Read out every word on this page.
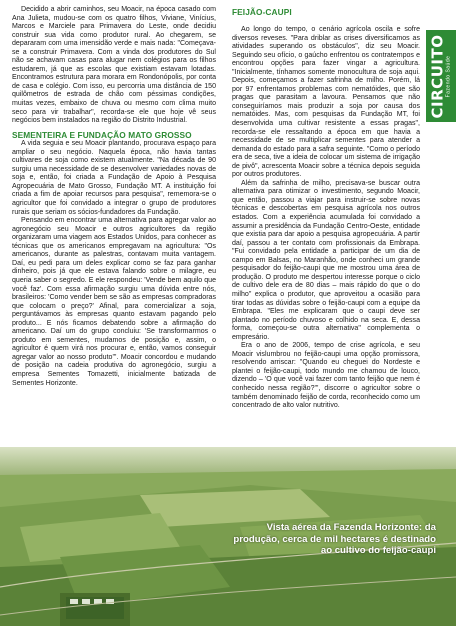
CIRCUITO Fazendo Saúde

Decidido a abrir caminhos, seu Moacir, na época casado com Ana Julieta, mudou-se com os quatro filhos, Viviane, Vinícius, Marcos e Marciele para Primavera do Leste, onde decidiu construir sua vida como produtor rural. Ao chegarem, se depararam com uma imensidão verde e mais nada: "Começava-se a construir Primavera. Com a vinda dos produtores do Sul não se achavam casas para alugar nem colégios para os filhos estudarem, já que as escolas que existiam estavam lotadas. Encontramos estrutura para morara em Rondonópolis, por conta de casa e colégio. Com isso, eu percorria uma distância de 150 quilômetros de estrada de chão com péssimas condições, muitas vezes, embaixo de chuva ou mesmo com clima muito seco para vir trabalhar", recorda-se ele que hoje vê seus negócios bem instalados na região do Distrito Industrial.

SEMENTEIRA E FUNDAÇÃO MATO GROSSO

A vida seguia e seu Moacir plantando, procurava espaço para ampliar o seu negócio. Naquela época, não havia tantas cultivares de soja como existem atualmente. "Na década de 90 surgiu uma necessidade de se desenvolver variedades novas de soja e, então, foi criada a Fundação de Apoio à Pesquisa Agropecuária de Mato Grosso, Fundação MT. A instituição foi criada a fim de apoiar recursos para pesquisa", rememora-se o agricultor que foi convidado a integrar o grupo de produtores rurais que seriam os sócios-fundadores da Fundação.

Pensando em encontrar uma alternativa para agregar valor ao agronegócio seu Moacir e outros agricultores da região organizaram uma viagem aos Estados Unidos, para conhecer as técnicas que os americanos empregavam na agricultura: "Os americanos, durante as palestras, contavam muita vantagem. Daí, eu pedi para um deles explicar como se faz para ganhar dinheiro, pois já que ele estava falando sobre o milagre, eu queria saber o segredo. E ele respondeu: 'Vende bem aquilo que você faz'. Com essa afirmação surgiu uma dúvida entre nós, brasileiros: 'Como vender bem se são as empresas compradoras que colocam o preço?' Afinal, para comercializar a soja, perguntávamos às empresas quanto estavam pagando pelo produto... E nós ficamos debatendo sobre a afirmação do americano. Daí um do grupo concluiu: 'Se transformarmos o produto em sementes, mudamos de posição e, assim, o agricultor é quem virá nos procurar e, então, vamos conseguir agregar valor ao nosso produto'". Moacir concordou e mudando de posição na cadeia produtiva do agronegócio, surgiu a empresa Sementes Tomazetti, inicialmente batizada de Sementes Horizonte.

FEIJÃO-CAUPI

Ao longo do tempo, o cenário agrícola oscila e sofre diversos reveses. "Para driblar as crises diversificamos as atividades superando os obstáculos", diz seu Moacir. Seguindo seu ofício, o gaúcho enfrentou os contratempos e encontrou opções para fazer vingar a agricultura. "Inicialmente, tínhamos somente monocultura de soja aqui. Depois, começamos a fazer safrinha de milho. Porém, lá por 97 enfrentamos problemas com nematóides, que são pragas que parasitam a lavoura. Pensamos que não conseguiríamos mais produzir a soja por causa dos nematóides. Mas, com pesquisas da Fundação MT, foi desenvolvida uma cultivar resistente a essas pragas", recorda-se ele ressaltando a época em que havia a necessidade de se multiplicar sementes para atender a demanda do estado para a safra seguinte. "Como o período era de seca, tive a ideia de colocar um sistema de irrigação de pivô", acrescenta Moacir sobre a técnica depois seguida por outros produtores.

Além da safrinha de milho, precisava-se buscar outra alternativa para otimizar o investimento, segundo Moacir, que então, passou a viajar para instruir-se sobre novas técnicas e descobertas em pesquisa agrícola nos outros estados. Com a experiência acumulada foi convidado a assumir a presidência da Fundação Centro-Oeste, entidade que existia para dar apoio a pesquisa agropecuária. A partir daí, passou a ter contato com profissionais da Embrapa. "Fui convidado pela entidade a participar de um dia de campo em Balsas, no Maranhão, onde conheci um grande pesquisador do feijão-caupi que me mostrou uma área de produção. O produto me despertou interesse porque o ciclo de cultivo dele era de 80 dias – mais rápido do que o do milho" explica o produtor, que aproveitou a ocasião para tirar todas as dúvidas sobre o feijão-caupi com a equipe da Embrapa. "Eles me explicaram que o caupi deve ser plantado no período chuvoso e colhido na seca. E, dessa forma, começou-se outra alternativa" complementa o empresário.

Era o ano de 2006, tempo de crise agrícola, e seu Moacir vislumbrou no feijão-caupi uma opção promissora, resolvendo arriscar: "Quando eu cheguei do Nordeste e plantei o feijão-caupi, todo mundo me chamou de louco, dizendo – 'O que você vai fazer com tanto feijão que nem é conhecido nessa região?'", discorre o agricultor sobre o também denominado feijão de corda, reconhecido como um concentrado de alto valor nutritivo.

Vista aérea da Fazenda Horizonte: da produção, cerca de mil hectares é destinado ao cultivo do feijão-caupi
